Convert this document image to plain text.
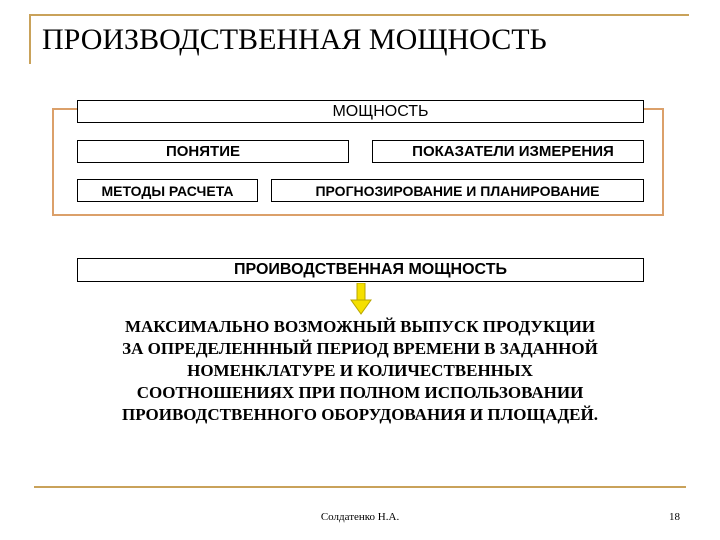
ПРОИЗВОДСТВЕННАЯ МОЩНОСТЬ
МОЩНОСТЬ
ПОНЯТИЕ	ПОКАЗАТЕЛИ ИЗМЕРЕНИЯ
МЕТОДЫ РАСЧЕТА	ПРОГНОЗИРОВАНИЕ И ПЛАНИРОВАНИЕ
ПРОИВОДСТВЕННАЯ МОЩНОСТЬ
МАКСИМАЛЬНО ВОЗМОЖНЫЙ ВЫПУСК ПРОДУКЦИИ
ЗА ОПРЕДЕЛЕНННЫЙ ПЕРИОД ВРЕМЕНИ В ЗАДАННОЙ
НОМЕНКЛАТУРЕ И КОЛИЧЕСТВЕННЫХ
СООТНОШЕНИЯХ ПРИ ПОЛНОМ ИСПОЛЬЗОВАНИИ
ПРОИВОДСТВЕННОГО ОБОРУДОВАНИЯ И ПЛОЩАДЕЙ.
Солдатенко Н.А.	18
